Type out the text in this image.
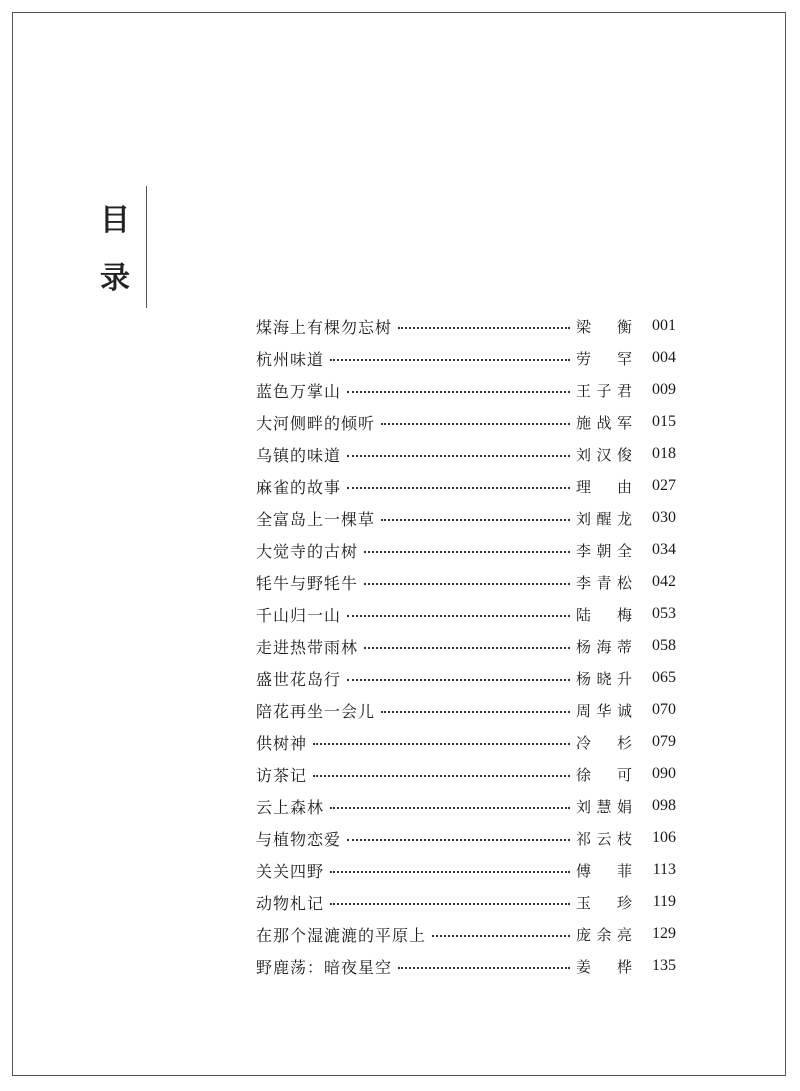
目
录
煤海上有棵勿忘树	梁　衡	001
杭州味道	劳　罕	004
蓝色万掌山	王子君	009
大河侧畔的倾听	施战军	015
乌镇的味道	刘汉俊	018
麻雀的故事	理　由	027
全富岛上一棵草	刘醒龙	030
大觉寺的古树	李朝全	034
牦牛与野牦牛	李青松	042
千山归一山	陆　梅	053
走进热带雨林	杨海蒂	058
盛世花岛行	杨晓升	065
陪花再坐一会儿	周华诚	070
供树神	冷　杉	079
访茶记	徐　可	090
云上森林	刘慧娟	098
与植物恋爱	祁云枝	106
关关四野	傅　菲	113
动物札记	玉　珍	119
在那个湿漉漉的平原上	庞余亮	129
野鹿荡：暗夜星空	姜　桦	135
